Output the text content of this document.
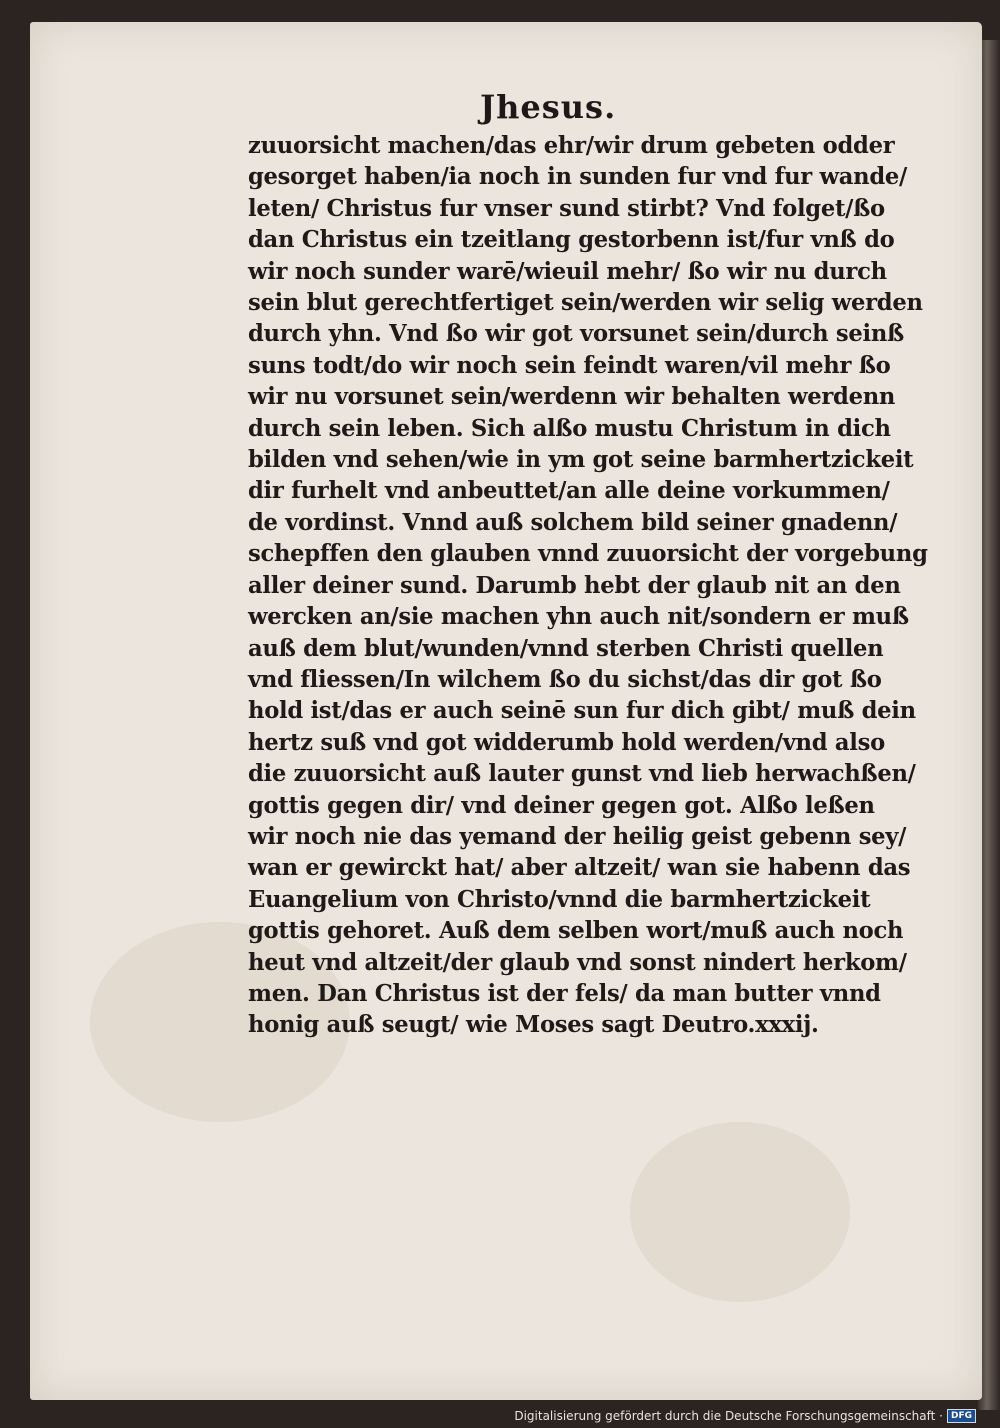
Jhesus.
zuuorsicht machen/das ehr/wir drum gebeten odder
gesorget haben/ia noch in sunden fur vnd fur wande/
leten/ Christus fur vnser sund stirbt? Vnd folget/ßo
dan Christus ein tzeitlang gestorbenn ist/fur vnß do
wir noch sunder warē/wieuil mehr/ ßo wir nu durch
sein blut gerechtfertiget sein/werden wir selig werden
durch yhn. Vnd ßo wir got vorsunet sein/durch seinß
suns todt/do wir noch sein feindt waren/vil mehr ßo
wir nu vorsunet sein/werdenn wir behalten werdenn
durch sein leben. Sich alßo mustu Christum in dich
bilden vnd sehen/wie in ym got seine barmhertzickeit
dir furhelt vnd anbeuttet/an alle deine vorkummen/
de vordinst. Vnnd auß solchem bild seiner gnadenn/
schepffen den glauben vnnd zuuorsicht der vorgebung
aller deiner sund. Darumb hebt der glaub nit an den
wercken an/sie machen yhn auch nit/sondern er muß
auß dem blut/wunden/vnnd sterben Christi quellen
vnd fliessen/In wilchem ßo du sichst/das dir got ßo
hold ist/das er auch seinē sun fur dich gibt/ muß dein
hertz suß vnd got widderumb hold werden/vnd also
die zuuorsicht auß lauter gunst vnd lieb herwachßen/
gottis gegen dir/ vnd deiner gegen got. Alßo leßen
wir noch nie das yemand der heilig geist gebenn sey/
wan er gewirckt hat/ aber altzeit/ wan sie habenn das
Euangelium von Christo/vnnd die barmhertzickeit
gottis gehoret. Auß dem selben wort/muß auch noch
heut vnd altzeit/der glaub vnd sonst nindert herkom/
men. Dan Christus ist der fels/ da man butter vnnd
honig auß seugt/ wie Moses sagt Deutro.xxxij.
Digitalisierung gefördert durch die Deutsche Forschungsgemeinschaft · DFG
